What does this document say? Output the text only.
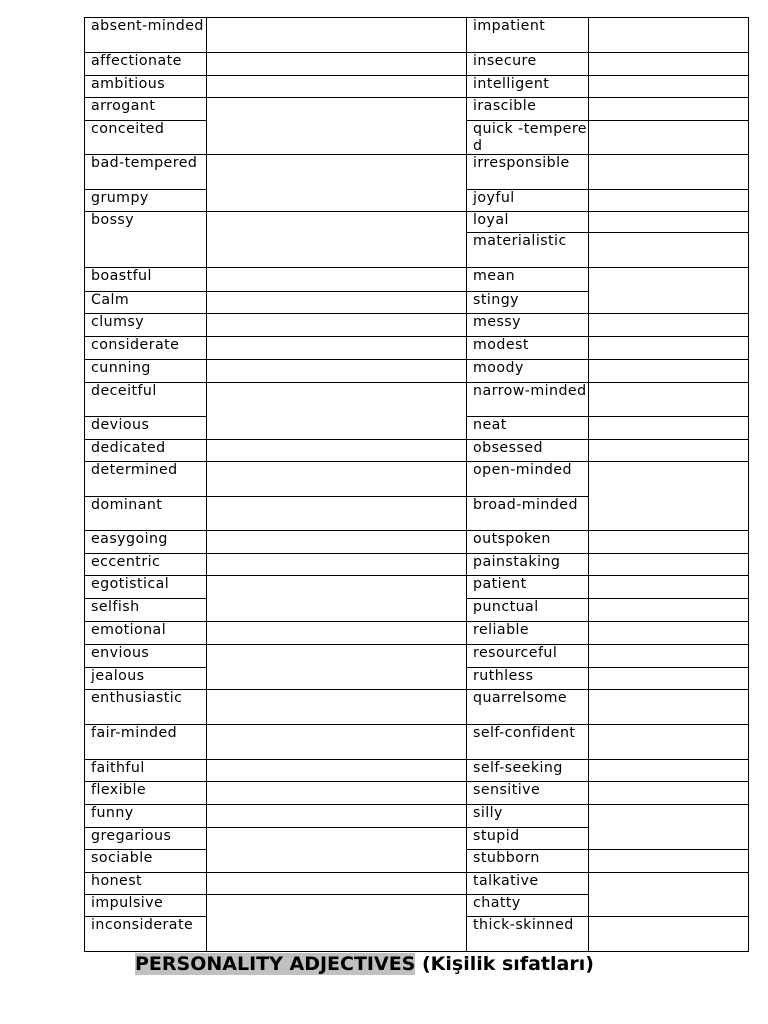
absent-minded		impatient	
affectionate		insecure	
ambitious		intelligent	
arrogant		irascible	
conceited		quick -tempered	
bad-tempered		irresponsible	
grumpy		joyful	
bossy		loyal	
		materialistic	
boastful		mean	
Calm		stingy	
clumsy		messy	
considerate		modest	
cunning		moody	
deceitful		narrow-minded	
devious		neat	
dedicated		obsessed	
determined		open-minded	
dominant		broad-minded	
easygoing		outspoken	
eccentric		painstaking	
egotistical		patient	
selfish		punctual	
emotional		reliable	
envious		resourceful	
jealous		ruthless	
enthusiastic		quarrelsome	
fair-minded		self-confident	
faithful		self-seeking	
flexible		sensitive	
funny		silly	
gregarious		stupid	
sociable		stubborn	
honest		talkative	
impulsive		chatty	
inconsiderate		thick-skinned	

PERSONALITY ADJECTIVES (Kişilik sıfatları)
